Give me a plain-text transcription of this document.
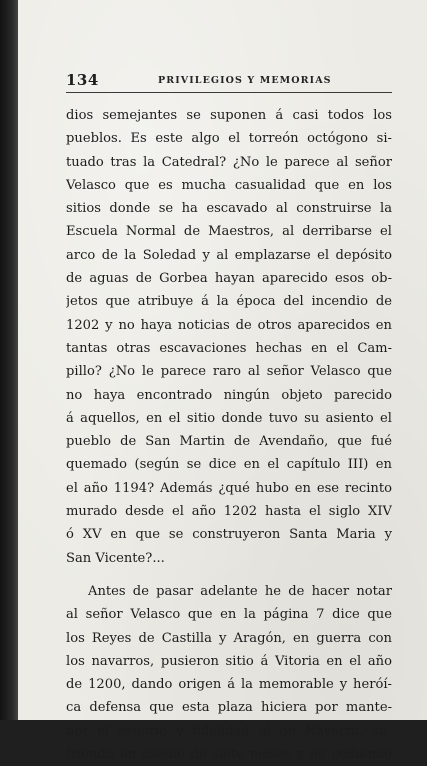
134	PRIVILEGIOS Y MEMORIAS
dios semejantes se suponen á casi todos los
pueblos. Es este algo el torreón octógono si-
tuado tras la Catedral? ¿No le parece al señor
Velasco que es mucha casualidad que en los
sitios donde se ha escavado al construirse la
Escuela Normal de Maestros, al derribarse el
arco de la Soledad y al emplazarse el depósito
de aguas de Gorbea hayan aparecido esos ob-
jetos que atribuye á la época del incendio de
1202 y no haya noticias de otros aparecidos en
tantas otras escavaciones hechas en el Cam-
pillo? ¿No le parece raro al señor Velasco que
no haya encontrado ningún objeto parecido
á aquellos, en el sitio donde tuvo su asiento el
pueblo de San Martin de Avendaño, que fué
quemado (según se dice en el capítulo III) en
el año 1194? Además ¿qué hubo en ese recinto
murado desde el año 1202 hasta el siglo XIV
ó XV en que se construyeron Santa Maria y
San Vicente?...
Antes de pasar adelante he de hacer notar
al señor Velasco que en la página 7 dice que
los Reyes de Castilla y Aragón, en guerra con
los navarros, pusieron sitio á Vitoria en el año
de 1200, dando origen á la memorable y heróí-
ca defensa que esta plaza hiciera por mante-
ner el señorío y fidelidad al de Navarra, su-
friendo un asedio de siete meses y no cediendo
